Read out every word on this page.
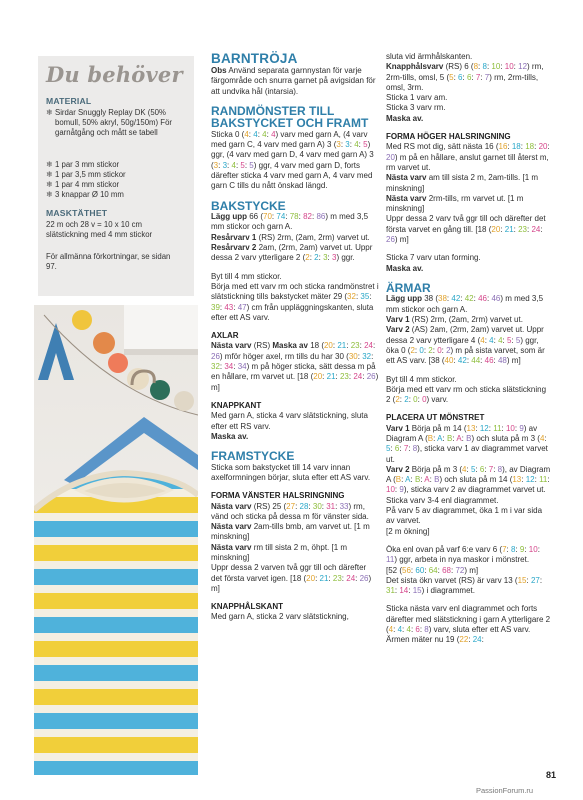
Du behöver
MATERIAL
❄ Sirdar Snuggly Replay DK (50% bomull, 50% akryl, 50g/150m) För garnåtgång och mått se tabell
❄ 1 par 3 mm stickor
❄ 1 par 3,5 mm stickor
❄ 1 par 4 mm stickor
❄ 3 knappar Ø 10 mm
MASKTÄTHET
22 m och 28 v = 10 x 10 cm slätstickning med 4 mm stickor
För allmänna förkortningar, se sidan 97.
BARNTRÖJA
Obs Använd separata garnnystan för varje färgområde och snurra garnet på avigsidan för att undvika hål (intarsia).
RANDMÖNSTER TILL BAKSTYCKET OCH FRAMT
Sticka 0 (4: 4: 4: 4) varv med garn A, (4 varv med garn C, 4 varv med garn A) 3 (3: 3: 4: 5) ggr, (4 varv med garn D, 4 varv med garn A) 3 (3: 3: 4: 5: 5) ggr, 4 varv med garn D, forts därefter sticka 4 varv med garn A, 4 varv med garn C tills du nått önskad längd.
BAKSTYCKE
Lägg upp 66 (70: 74: 78: 82: 86) m med 3,5 mm stickor och garn A.
Resårvarv 1 (RS) 2rm, (2am, 2rm) varvet ut.
Resårvarv 2 2am, (2rm, 2am) varvet ut. Uppr dessa 2 varv ytterligare 2 (2: 2: 3: 3) ggr.
Byt till 4 mm stickor.
Börja med ett varv rm och sticka randmönstret i slätstickning tills bakstycket mäter 29 (32: 35: 39: 43: 47) cm från uppläggningskanten, sluta efter ett AS varv.
AXLAR
Nästa varv (RS) Maska av 18 (20: 21: 23: 24: 26) mför höger axel, rm tills du har 30 (30: 32: 32: 34: 34) m på höger sticka, sätt dessa m på en hållare, rm varvet ut. [18 (20: 21: 23: 24: 26) m]
KNAPPKANT
Med garn A, sticka 4 varv slätstickning, sluta efter ett RS varv.
Maska av.
FRAMSTYCKE
Sticka som bakstycket till 14 varv innan axelformningen börjar, sluta efter ett AS varv.
FORMA VÄNSTER HALSRINGNING
Nästa varv (RS) 25 (27: 28: 30: 31: 33) rm, vänd och sticka på dessa m för vänster sida.
Nästa varv 2am-tills bmb, am varvet ut. [1 m minskning]
Nästa varv rm till sista 2 m, öhpt. [1 m minskning]
Uppr dessa 2 varven två ggr till och därefter det första varvet igen. [18 (20: 21: 23: 24: 26) m]
KNAPPHÅLSKANT
Med garn A, sticka 2 varv slätstickning,
sluta vid ärmhålskanten.
Knapphålsvarv (RS) 6 (8: 8: 10: 10: 12) rm, 2rm-tills, omsl, 5 (5: 6: 6: 7: 7) rm, 2rm-tills, omsl, 3rm.
Sticka 1 varv am.
Sticka 3 varv rm.
Maska av.
FORMA HÖGER HALSRINGNING
Med RS mot dig, sätt nästa 16 (16: 18: 18: 20: 20) m på en hållare, anslut garnet till återst m, rm varvet ut.
Nästa varv am till sista 2 m, 2am-tills. [1 m minskning]
Nästa varv 2rm-tills, rm varvet ut. [1 m minskning]
Uppr dessa 2 varv två ggr till och därefter det första varvet en gång till. [18 (20: 21: 23: 24: 26) m]
Sticka 7 varv utan forming.
Maska av.
ÄRMAR
Lägg upp 38 (38: 42: 42: 46: 46) m med 3,5 mm stickor och garn A.
Varv 1 (RS) 2rm, (2am, 2rm) varvet ut.
Varv 2 (AS) 2am, (2rm, 2am) varvet ut. Uppr dessa 2 varv ytterligare 4 (4: 4: 4: 5: 5) ggr, öka 0 (2: 0: 2: 0: 2) m på sista varvet, som är ett AS varv. [38 (40: 42: 44: 46: 48) m]
Byt till 4 mm stickor.
Börja med ett varv rm och sticka slätstickning 2 (2: 2: 0: 0) varv.
PLACERA UT MÖNSTRET
Varv 1 Börja på m 14 (13: 12: 11: 10: 9) av Diagram A (B: A: B: A: B) och sluta på m 3 (4: 5: 6: 7: 8), sticka varv 1 av diagrammet varvet ut.
Varv 2 Börja på m 3 (4: 5: 6: 7: 8), av Diagram A (B: A: B: A: B) och sluta på m 14 (13: 12: 11: 10: 9), sticka varv 2 av diagrammet varvet ut.
Sticka varv 3-4 enl diagrammet.
På varv 5 av diagrammet, öka 1 m i var sida av varvet.
[2 m ökning]
Öka enl ovan på varf 6:e varv 6 (7: 8: 9: 10: 11) ggr, arbeta in nya maskor i mönstret.
[52 (56: 60: 64: 68: 72) m]
Det sista ökn varvet (RS) är varv 13 (15: 27: 31: 14: 15) i diagrammet.
Sticka nästa varv enl diagrammet och forts därefter med slätstickning i garn A ytterligare 2 (4: 4: 4: 6: 8) varv, sluta efter ett AS varv. Ärmen mäter nu 19 (22: 24:
81
PassionForum.ru
